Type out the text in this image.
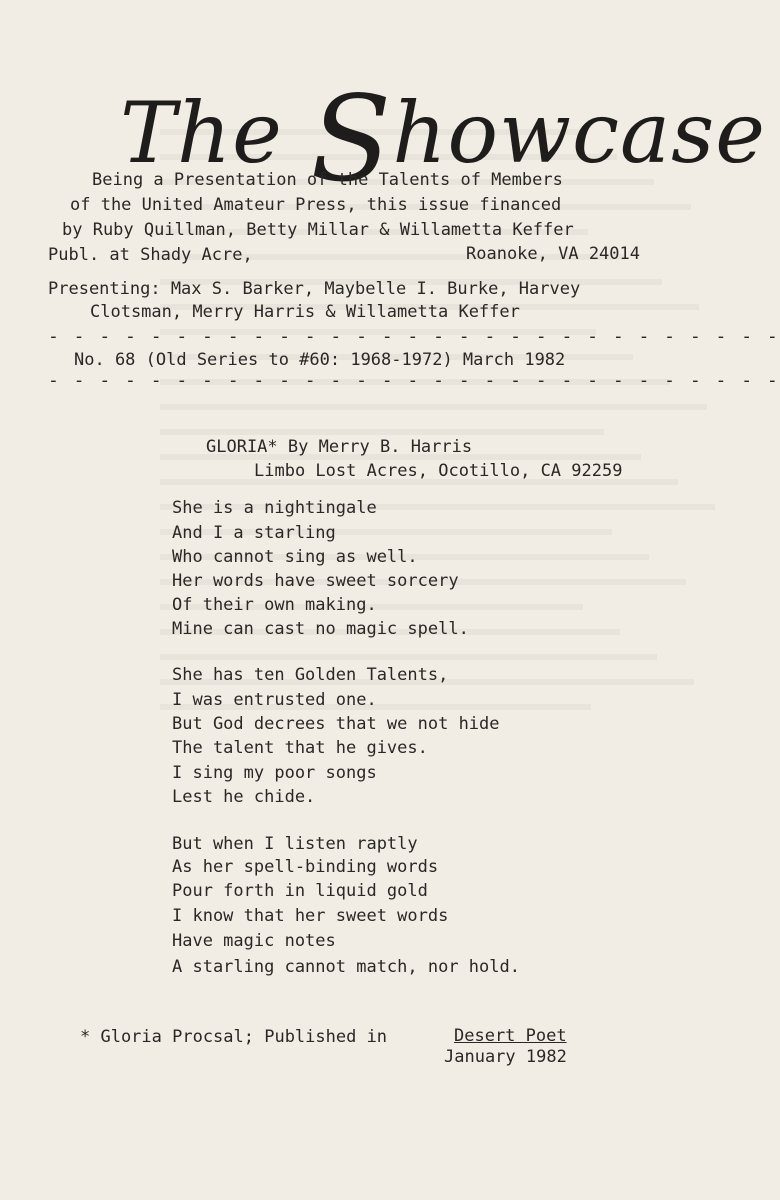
The Showcase
Being a Presentation of the Talents of Members
of the United Amateur Press, this issue financed
by Ruby Quillman, Betty Millar & Willametta Keffer
Publ. at Shady Acre,	Roanoke, VA 24014
Presenting: Max S. Barker, Maybelle I. Burke, Harvey
Clotsman, Merry Harris & Willametta Keffer
- - - - - - - - - - - - - - - - - - - - - - - - - - - - -
No. 68 (Old Series to #60: 1968-1972) March 1982
- - - - - - - - - - - - - - - - - - - - - - - - - - - - -
GLORIA* By Merry B. Harris
Limbo Lost Acres, Ocotillo, CA 92259
She is a nightingale
And I a starling
Who cannot sing as well.
Her words have sweet sorcery
Of their own making.
Mine can cast no magic spell.
She has ten Golden Talents,
I was entrusted one.
But God decrees that we not hide
The talent that he gives.
I sing my poor songs
Lest he chide.
But when I listen raptly
As her spell-binding words
Pour forth in liquid gold
I know that her sweet words
Have magic notes
A starling cannot match, nor hold.
* Gloria Procsal; Published in	Desert Poet
January 1982
